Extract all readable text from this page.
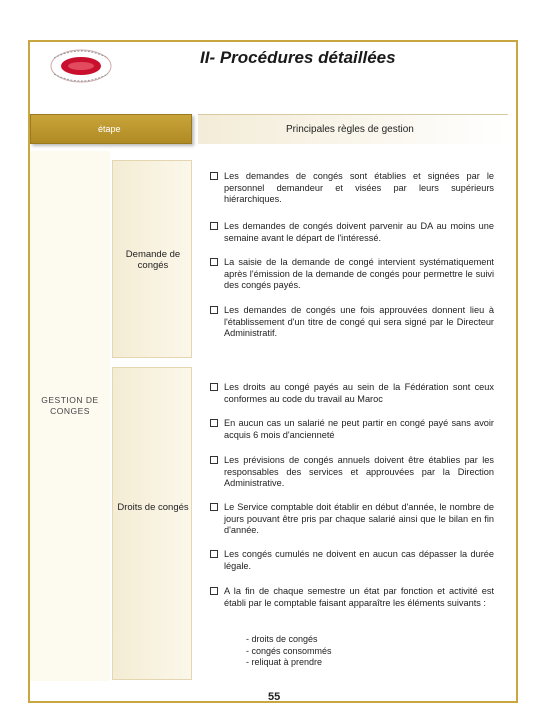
II- Procédures détaillées
étape	Principales règles de gestion
GESTION DE CONGES
Demande de congés
Droits de congés
Les demandes de congés sont établies et signées par le personnel demandeur et visées par leurs supérieurs hiérarchiques.
Les demandes de congés doivent parvenir au DA au moins une semaine avant le départ de l'intéressé.
La saisie de la demande de congé intervient systématiquement après l'émission de la demande de congés pour permettre le suivi des congés payés.
Les demandes de congés une fois approuvées donnent lieu à l'établissement d'un titre de congé qui sera signé par le Directeur Administratif.
Les droits au congé payés au sein de la Fédération sont ceux conformes au code du travail au Maroc
En aucun cas un salarié ne peut partir en congé payé sans avoir acquis 6 mois d'ancienneté
Les prévisions de congés annuels doivent être établies par les responsables des services et approuvées par la Direction Administrative.
Le Service comptable doit établir en début d'année, le nombre de jours pouvant être pris par chaque salarié ainsi que le bilan en fin d'année.
Les congés cumulés ne doivent en aucun cas dépasser la durée légale.
A la fin de chaque semestre un état par fonction et activité est établi par le comptable faisant apparaître les éléments suivants :
- droits de congés
- congés consommés
- reliquat à prendre
55
